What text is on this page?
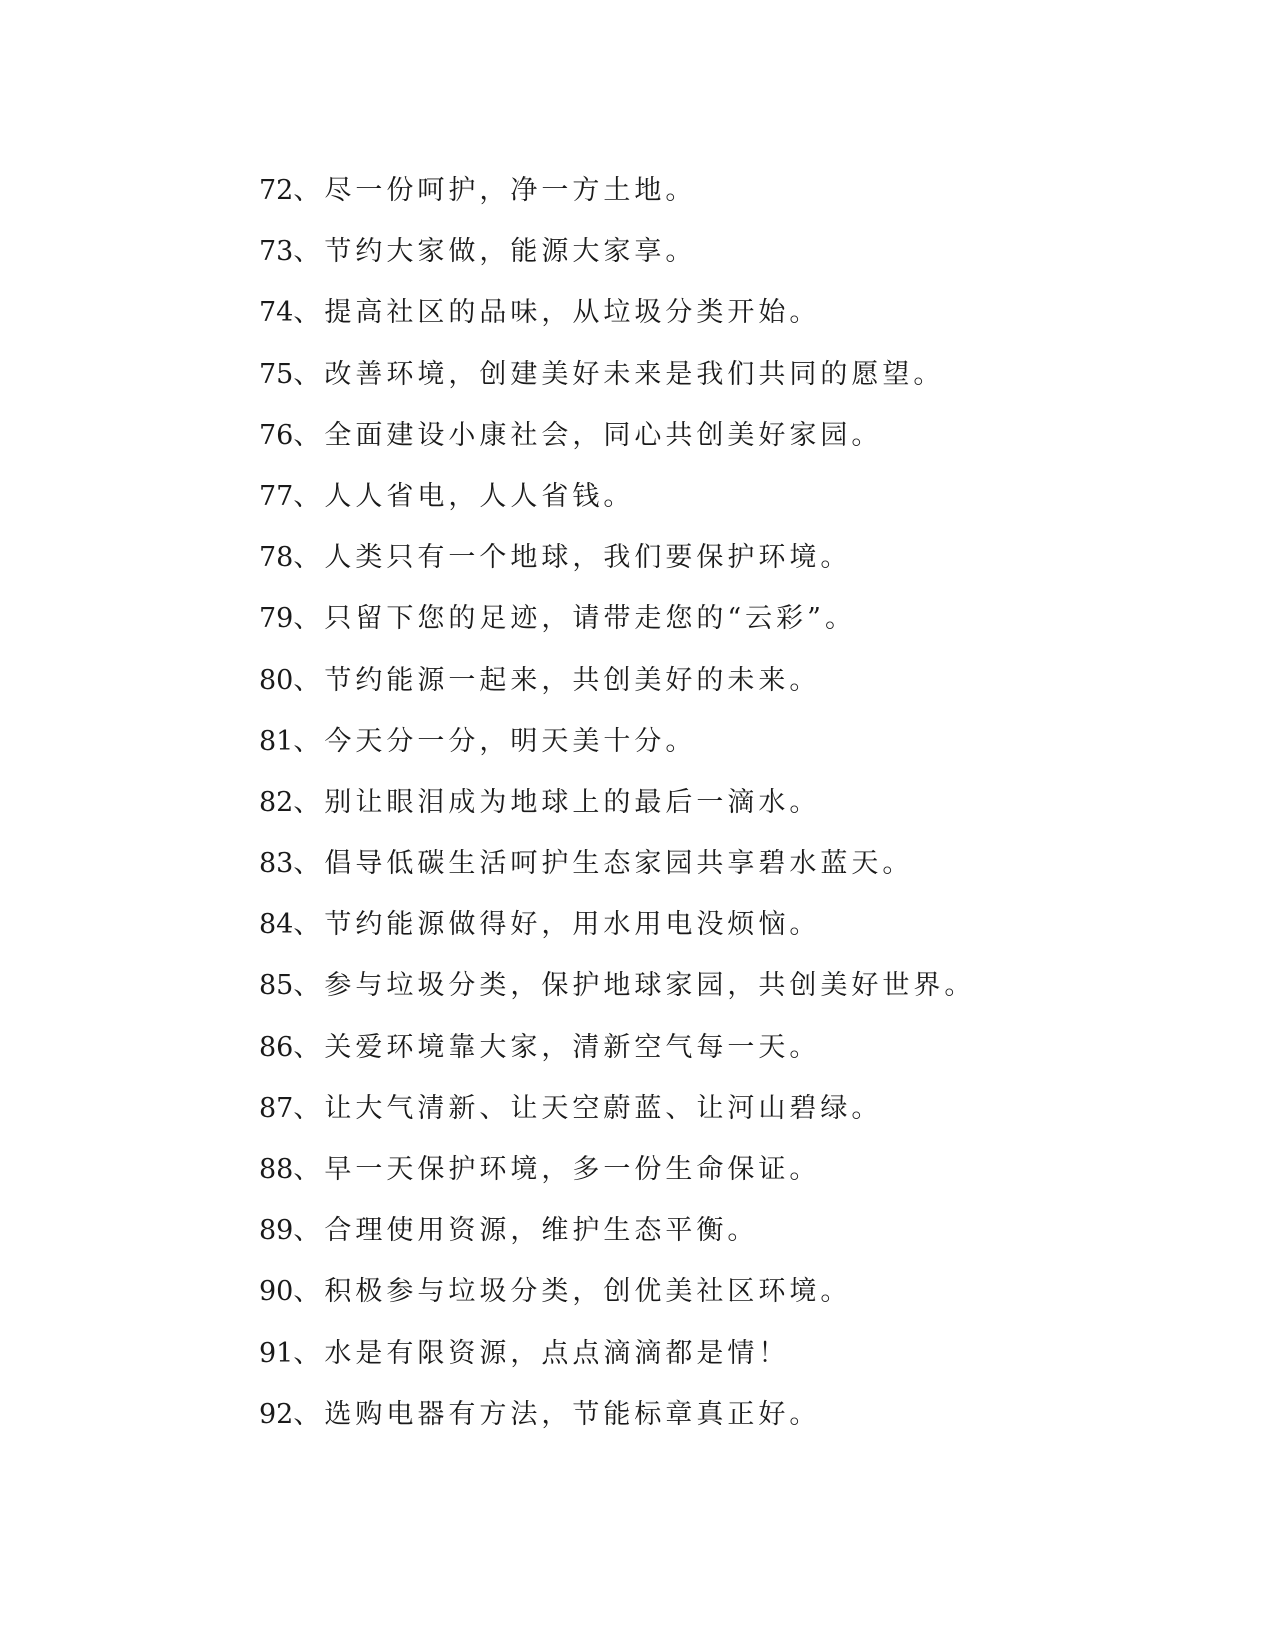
72、尽一份呵护，净一方土地。
73、节约大家做，能源大家享。
74、提高社区的品味，从垃圾分类开始。
75、改善环境，创建美好未来是我们共同的愿望。
76、全面建设小康社会，同心共创美好家园。
77、人人省电，人人省钱。
78、人类只有一个地球，我们要保护环境。
79、只留下您的足迹，请带走您的“云彩”。
80、节约能源一起来，共创美好的未来。
81、今天分一分，明天美十分。
82、别让眼泪成为地球上的最后一滴水。
83、倡导低碳生活呵护生态家园共享碧水蓝天。
84、节约能源做得好，用水用电没烦恼。
85、参与垃圾分类，保护地球家园，共创美好世界。
86、关爱环境靠大家，清新空气每一天。
87、让大气清新、让天空蔚蓝、让河山碧绿。
88、早一天保护环境，多一份生命保证。
89、合理使用资源，维护生态平衡。
90、积极参与垃圾分类，创优美社区环境。
91、水是有限资源，点点滴滴都是情！
92、选购电器有方法，节能标章真正好。
